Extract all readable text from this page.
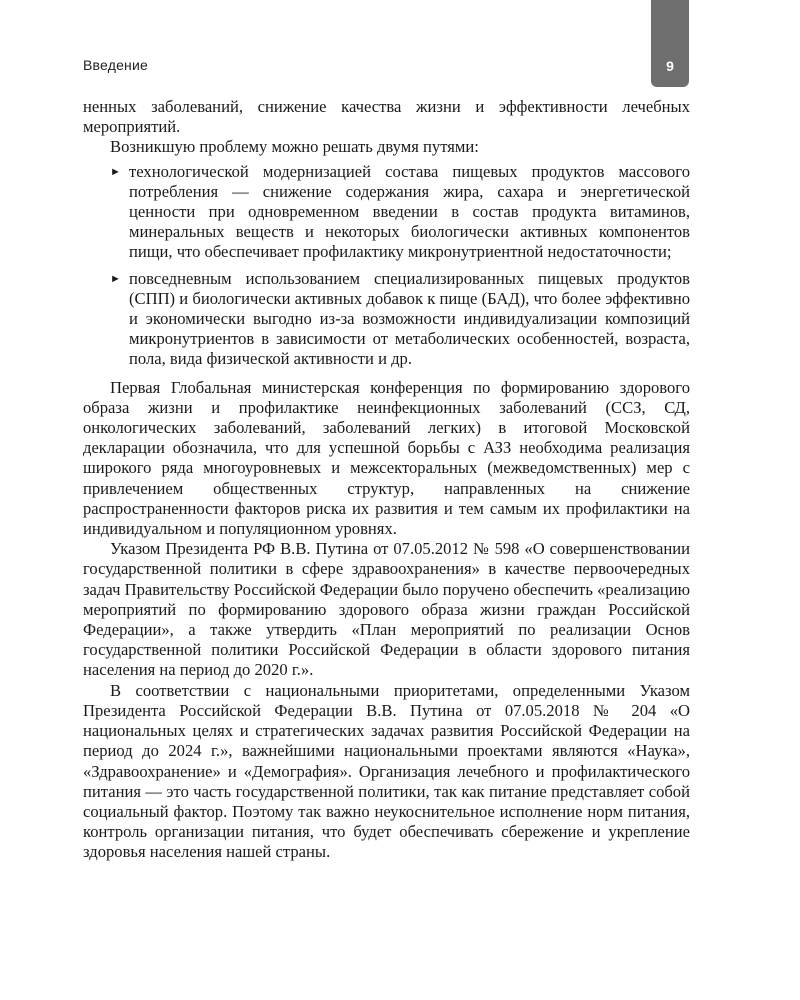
Введение	9

ненных заболеваний, снижение качества жизни и эффективности лечебных мероприятий.

Возникшую проблему можно решать двумя путями:

► технологической модернизацией состава пищевых продуктов массового потребления — снижение содержания жира, сахара и энергетической ценности при одновременном введении в состав продукта витаминов, минеральных веществ и некоторых биологически активных компонентов пищи, что обеспечивает профилактику микронутриентной недостаточности;
► повседневным использованием специализированных пищевых продуктов (СПП) и биологически активных добавок к пище (БАД), что более эффективно и экономически выгодно из-за возможности индивидуализации композиций микронутриентов в зависимости от метаболических особенностей, возраста, пола, вида физической активности и др.

Первая Глобальная министерская конференция по формированию здорового образа жизни и профилактике неинфекционных заболеваний (ССЗ, СД, онкологических заболеваний, заболеваний легких) в итоговой Московской декларации обозначила, что для успешной борьбы с АЗЗ необходима реализация широкого ряда многоуровневых и межсекторальных (межведомственных) мер с привлечением общественных структур, направленных на снижение распространенности факторов риска их развития и тем самым их профилактики на индивидуальном и популяционном уровнях.

Указом Президента РФ В.В. Путина от 07.05.2012 № 598 «О совершенствовании государственной политики в сфере здравоохранения» в качестве первоочередных задач Правительству Российской Федерации было поручено обеспечить «реализацию мероприятий по формированию здорового образа жизни граждан Российской Федерации», а также утвердить «План мероприятий по реализации Основ государственной политики Российской Федерации в области здорового питания населения на период до 2020 г.».

В соответствии с национальными приоритетами, определенными Указом Президента Российской Федерации В.В. Путина от 07.05.2018 № 204 «О национальных целях и стратегических задачах развития Российской Федерации на период до 2024 г.», важнейшими национальными проектами являются «Наука», «Здравоохранение» и «Демография». Организация лечебного и профилактического питания — это часть государственной политики, так как питание представляет собой социальный фактор. Поэтому так важно неукоснительное исполнение норм питания, контроль организации питания, что будет обеспечивать сбережение и укрепление здоровья населения нашей страны.
